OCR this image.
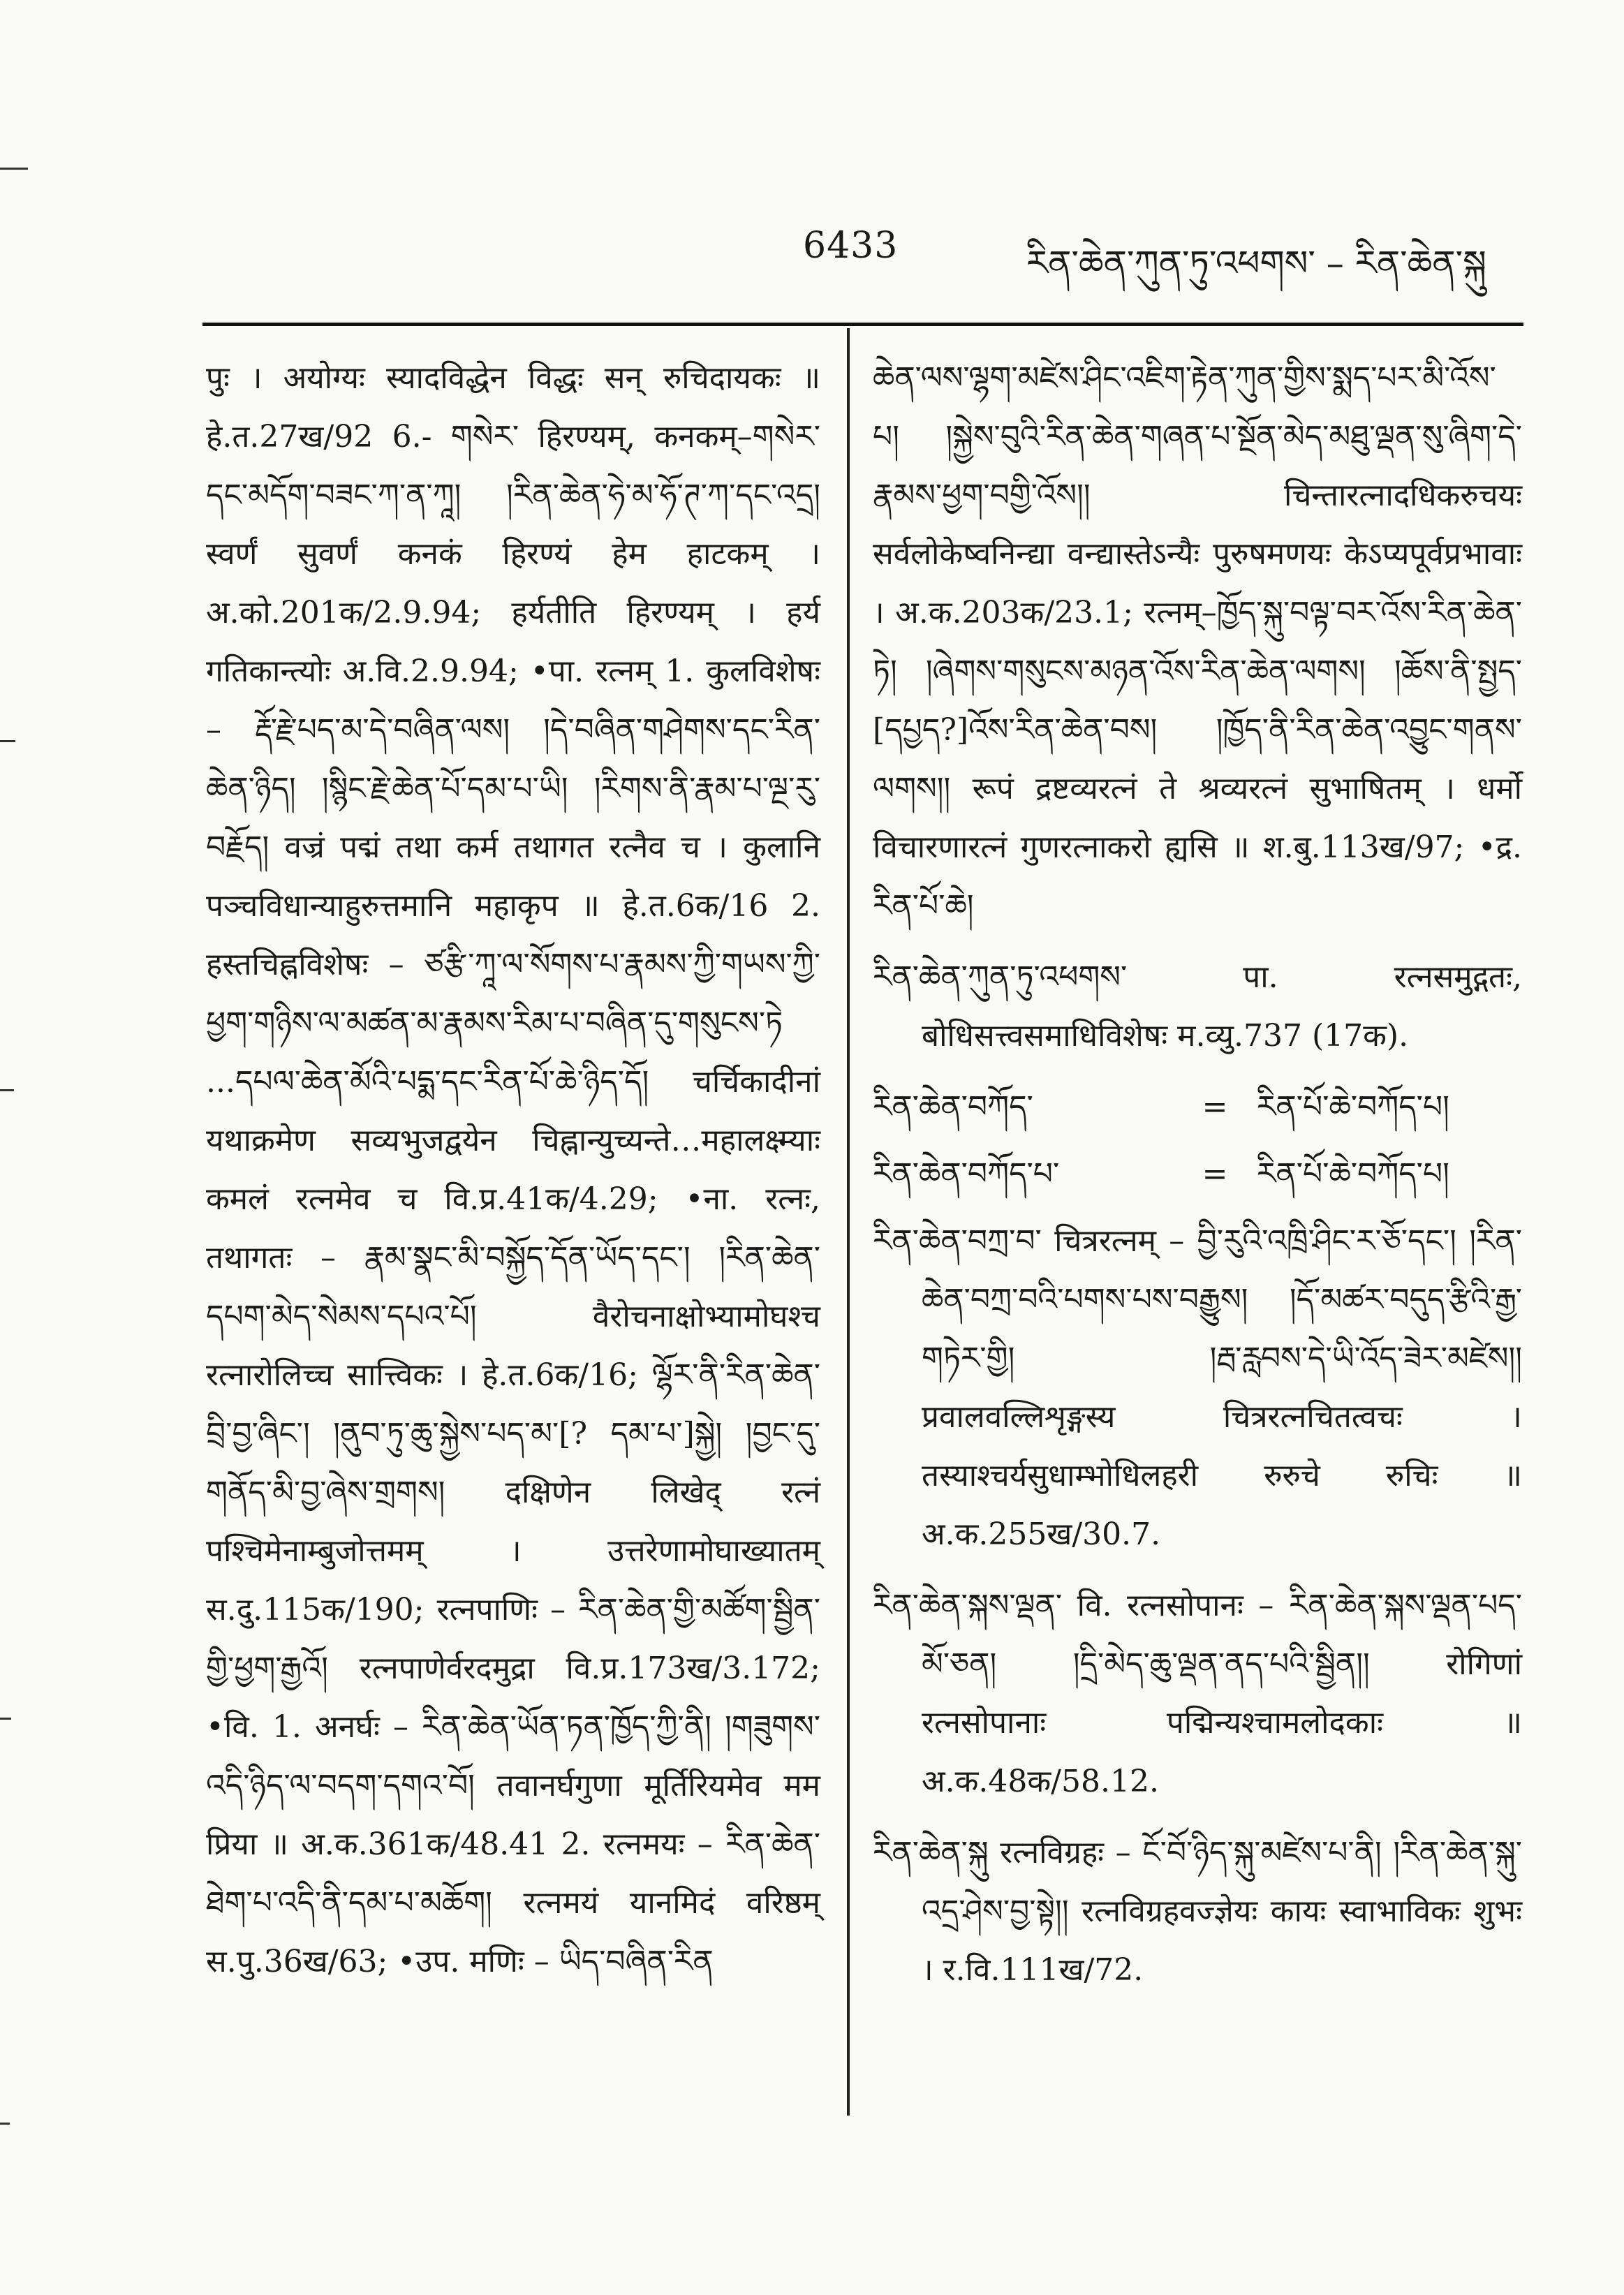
6433	རིན་ཆེན་ཀུན་ཏུ་འཕགས་ – རིན་ཆེན་སྐུ

पुः । अयोग्यः स्यादविद्धेन विद्धः सन् रुचिदायकः ॥ हे.त.27ख/92 6.- གསེར་ हिरण्यम्, कनकम्–གསེར་དང་མདོག་བཟང་ཀ་ན་ཀཱ། །རིན་ཆེན་ཧེ་མ་ཧོ་ཊ་ཀ་དང་འདྲ། स्वर्णं सुवर्णं कनकं हिरण्यं हेम हाटकम् । अ.को.201क/2.9.94; हर्यतीति हिरण्यम् । हर्य गतिकान्त्योः अ.वि.2.9.94; •पा. रत्नम् 1. कुलविशेषः – རྡོ་རྗེ་པད་མ་དེ་བཞིན་ལས། །དེ་བཞིན་གཤེགས་དང་རིན་ཆེན་ཉིད། །སྙིང་རྗེ་ཆེན་པོ་དམ་པ་ཡི། །རིགས་ནི་རྣམ་པ་ལྔ་རུ་བརྗོད། वज्रं पद्मं तथा कर्म तथागत रत्नैव च । कुलानि पञ्चविधान्याहुरुत्तमानि महाकृप ॥ हे.त.6क/16 2. हस्तचिह्नविशेषः – ཙརྩི་ཀཱ་ལ་སོགས་པ་རྣམས་ཀྱི་གཡས་ཀྱི་ཕྱག་གཉིས་ལ་མཚན་མ་རྣམས་རིམ་པ་བཞིན་དུ་གསུངས་ཏེ ...དཔལ་ཆེན་མོའི་པདྨ་དང་རིན་པོ་ཆེ་ཉིད་དོ། चर्चिकादीनां यथाक्रमेण सव्यभुजद्वयेन चिह्नान्युच्यन्ते…महालक्ष्म्याः कमलं रत्नमेव च वि.प्र.41क/4.29; •ना. रत्नः, तथागतः – རྣམ་སྣང་མི་བསྐྱོད་དོན་ཡོད་དང་། །རིན་ཆེན་དཔག་མེད་སེམས་དཔའ་པོ། वैरोचनाक्षोभ्यामोघश्च रत्नारोलिच्च सात्त्विकः । हे.त.6क/16; ལྷོར་ནི་རིན་ཆེན་བྲི་བྱ་ཞིང་། །ནུབ་ཏུ་ཆུ་སྐྱེས་པད་མ་[? དམ་པ་]སྐྱེ། །བྱང་དུ་གནོད་མི་བྱ་ཞེས་གྲགས། दक्षिणेन लिखेद् रत्नं पश्चिमेनाम्बुजोत्तमम् । उत्तरेणामोघाख्यातम् स.दु.115क/190; रत्नपाणिः – རིན་ཆེན་གྱི་མཚོག་སྦྱིན་གྱི་ཕྱག་རྒྱའོ། रत्नपाणेर्वरदमुद्रा वि.प्र.173ख/3.172; •वि. 1. अनर्घः – རིན་ཆེན་ཡོན་ཏན་ཁྱོད་ཀྱི་ནི། །གཟུགས་འདི་ཉིད་ལ་བདག་དགའ་བོ། तवानर्घगुणा मूर्तिरियमेव मम प्रिया ॥ अ.क.361क/48.41 2. रत्नमयः – རིན་ཆེན་ཐེག་པ་འདི་ནི་དམ་པ་མཆོག། रत्नमयं यानमिदं वरिष्ठम् स.पु.36ख/63; •उप. मणिः – ཡིད་བཞིན་རིན

ཆེན་ལས་ལྷག་མཛེས་ཤིང་འཇིག་རྟེན་ཀུན་གྱིས་སྨད་པར་མི་འོས་པ། །སྐྱེས་བུའི་རིན་ཆེན་གཞན་པ་སྔོན་མེད་མཐུ་ལྡན་སུ་ཞིག་དེ་རྣམས་ཕྱག་བགྱི་འོས།། चिन्तारत्नादधिकरुचयः सर्वलोकेष्वनिन्द्या वन्द्यास्तेऽन्यैः पुरुषमणयः केऽप्यपूर्वप्रभावाः । अ.क.203क/23.1; रत्नम्–ཁྱོད་སྐུ་བལྟ་བར་འོས་རིན་ཆེན་ཏེ། །ཞེགས་གསུངས་མཉན་འོས་རིན་ཆེན་ལགས། །ཆོས་ནི་སྤྱད་[དཔྱད?]འོས་རིན་ཆེན་བས། །ཁྱོད་ནི་རིན་ཆེན་འབྱུང་གནས་ལགས།། रूपं द्रष्टव्यरत्नं ते श्रव्यरत्नं सुभाषितम् । धर्मो विचारणारत्नं गुणरत्नाकरो ह्यसि ॥ श.बु.113ख/97; •द्र. རིན་པོ་ཆེ།

རིན་ཆེན་ཀུན་ཏུ་འཕགས་ पा. रत्नसमुद्गतः, बोधिसत्त्वसमाधिविशेषः म.व्यु.737 (17क).

རིན་ཆེན་བཀོད་	= རིན་པོ་ཆེ་བཀོད་པ།
རིན་ཆེན་བཀོད་པ་	= རིན་པོ་ཆེ་བཀོད་པ།

རིན་ཆེན་བཀྲ་བ་ चित्ररत्नम् – བྱི་རུའི་འཁྲི་ཤིང་ར་ཅོ་དང་། །རིན་ཆེན་བཀྲ་བའི་པགས་པས་བརྒྱུས། །དོ་མཚར་བདུད་རྩིའི་རྒྱ་གཏེར་གྱི། །རྦ་རླབས་དེ་ཡི་འོད་ཟེར་མཛེས།། प्रवालवल्लिशृङ्गस्य चित्ररत्नचितत्वचः । तस्याश्चर्यसुधाम्भोधिलहरी रुरुचे रुचिः ॥ अ.क.255ख/30.7.

རིན་ཆེན་སྐས་ལྡན་ वि. रत्नसोपानः – རིན་ཆེན་སྐས་ལྡན་པད་མོ་ཅན། །དྲི་མེད་ཆུ་ལྡན་ནད་པའི་སྦྱིན།། रोगिणां रत्नसोपानाः पद्मिन्यश्चामलोदकाः ॥ अ.क.48क/58.12.

རིན་ཆེན་སྐུ रत्नविग्रहः – ངོ་བོ་ཉིད་སྐུ་མཛེས་པ་ནི། །རིན་ཆེན་སྐུ་འདྲ་ཤེས་བྱ་སྟེ།། रत्नविग्रहवज्ज्ञेयः कायः स्वाभाविकः शुभः । र.वि.111ख/72.
